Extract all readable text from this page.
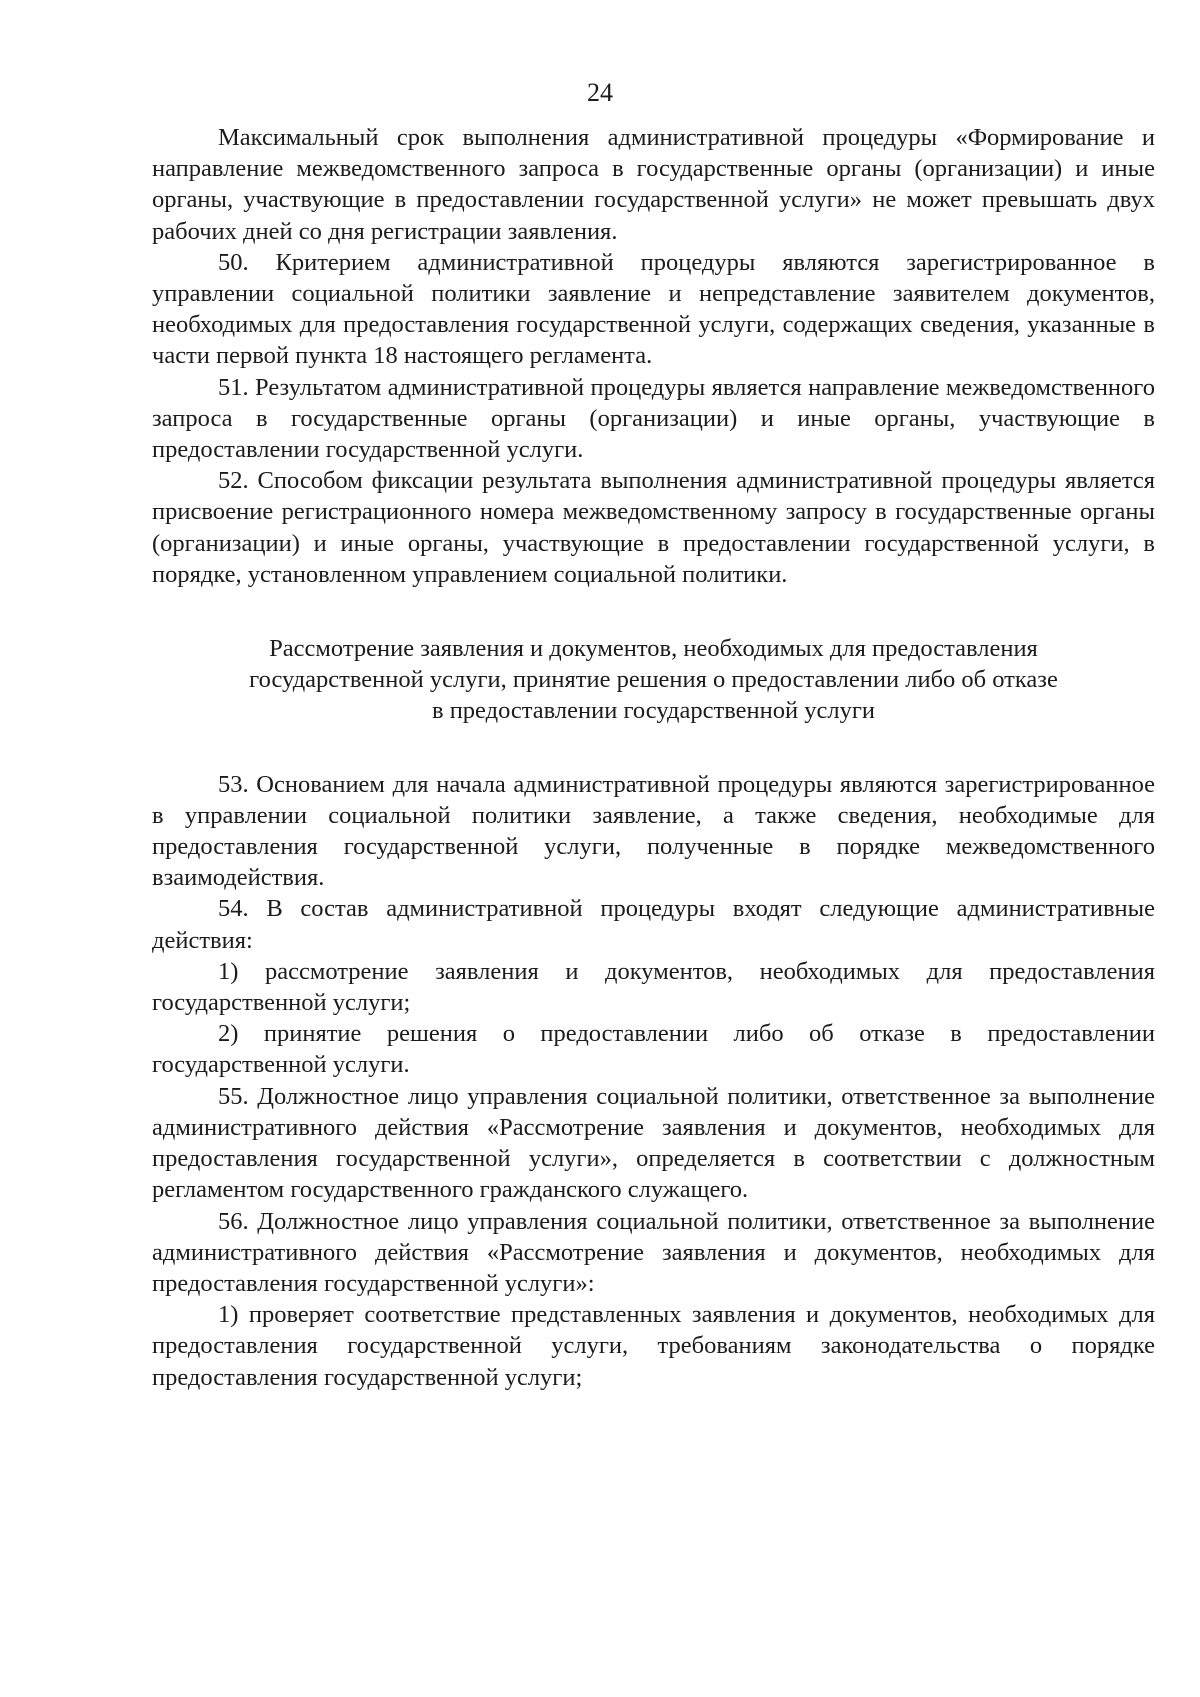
24

Максимальный срок выполнения административной процедуры «Формирование и направление межведомственного запроса в государственные органы (организации) и иные органы, участвующие в предоставлении государственной услуги» не может превышать двух рабочих дней со дня регистрации заявления.

50. Критерием административной процедуры являются зарегистрированное в управлении социальной политики заявление и непредставление заявителем документов, необходимых для предоставления государственной услуги, содержащих сведения, указанные в части первой пункта 18 настоящего регламента.

51. Результатом административной процедуры является направление межведомственного запроса в государственные органы (организации) и иные органы, участвующие в предоставлении государственной услуги.

52. Способом фиксации результата выполнения административной процедуры является присвоение регистрационного номера межведомственному запросу в государственные органы (организации) и иные органы, участвующие в предоставлении государственной услуги, в порядке, установленном управлением социальной политики.

Рассмотрение заявления и документов, необходимых для предоставления
государственной услуги, принятие решения о предоставлении либо об отказе
в предоставлении государственной услуги

53. Основанием для начала административной процедуры являются зарегистрированное в управлении социальной политики заявление, а также сведения, необходимые для предоставления государственной услуги, полученные в порядке межведомственного взаимодействия.

54. В состав административной процедуры входят следующие административные действия:

1) рассмотрение заявления и документов, необходимых для предоставления государственной услуги;

2) принятие решения о предоставлении либо об отказе в предоставлении государственной услуги.

55. Должностное лицо управления социальной политики, ответственное за выполнение административного действия «Рассмотрение заявления и документов, необходимых для предоставления государственной услуги», определяется в соответствии с должностным регламентом государственного гражданского служащего.

56. Должностное лицо управления социальной политики, ответственное за выполнение административного действия «Рассмотрение заявления и документов, необходимых для предоставления государственной услуги»:

1) проверяет соответствие представленных заявления и документов, необходимых для предоставления государственной услуги, требованиям законодательства о порядке предоставления государственной услуги;
